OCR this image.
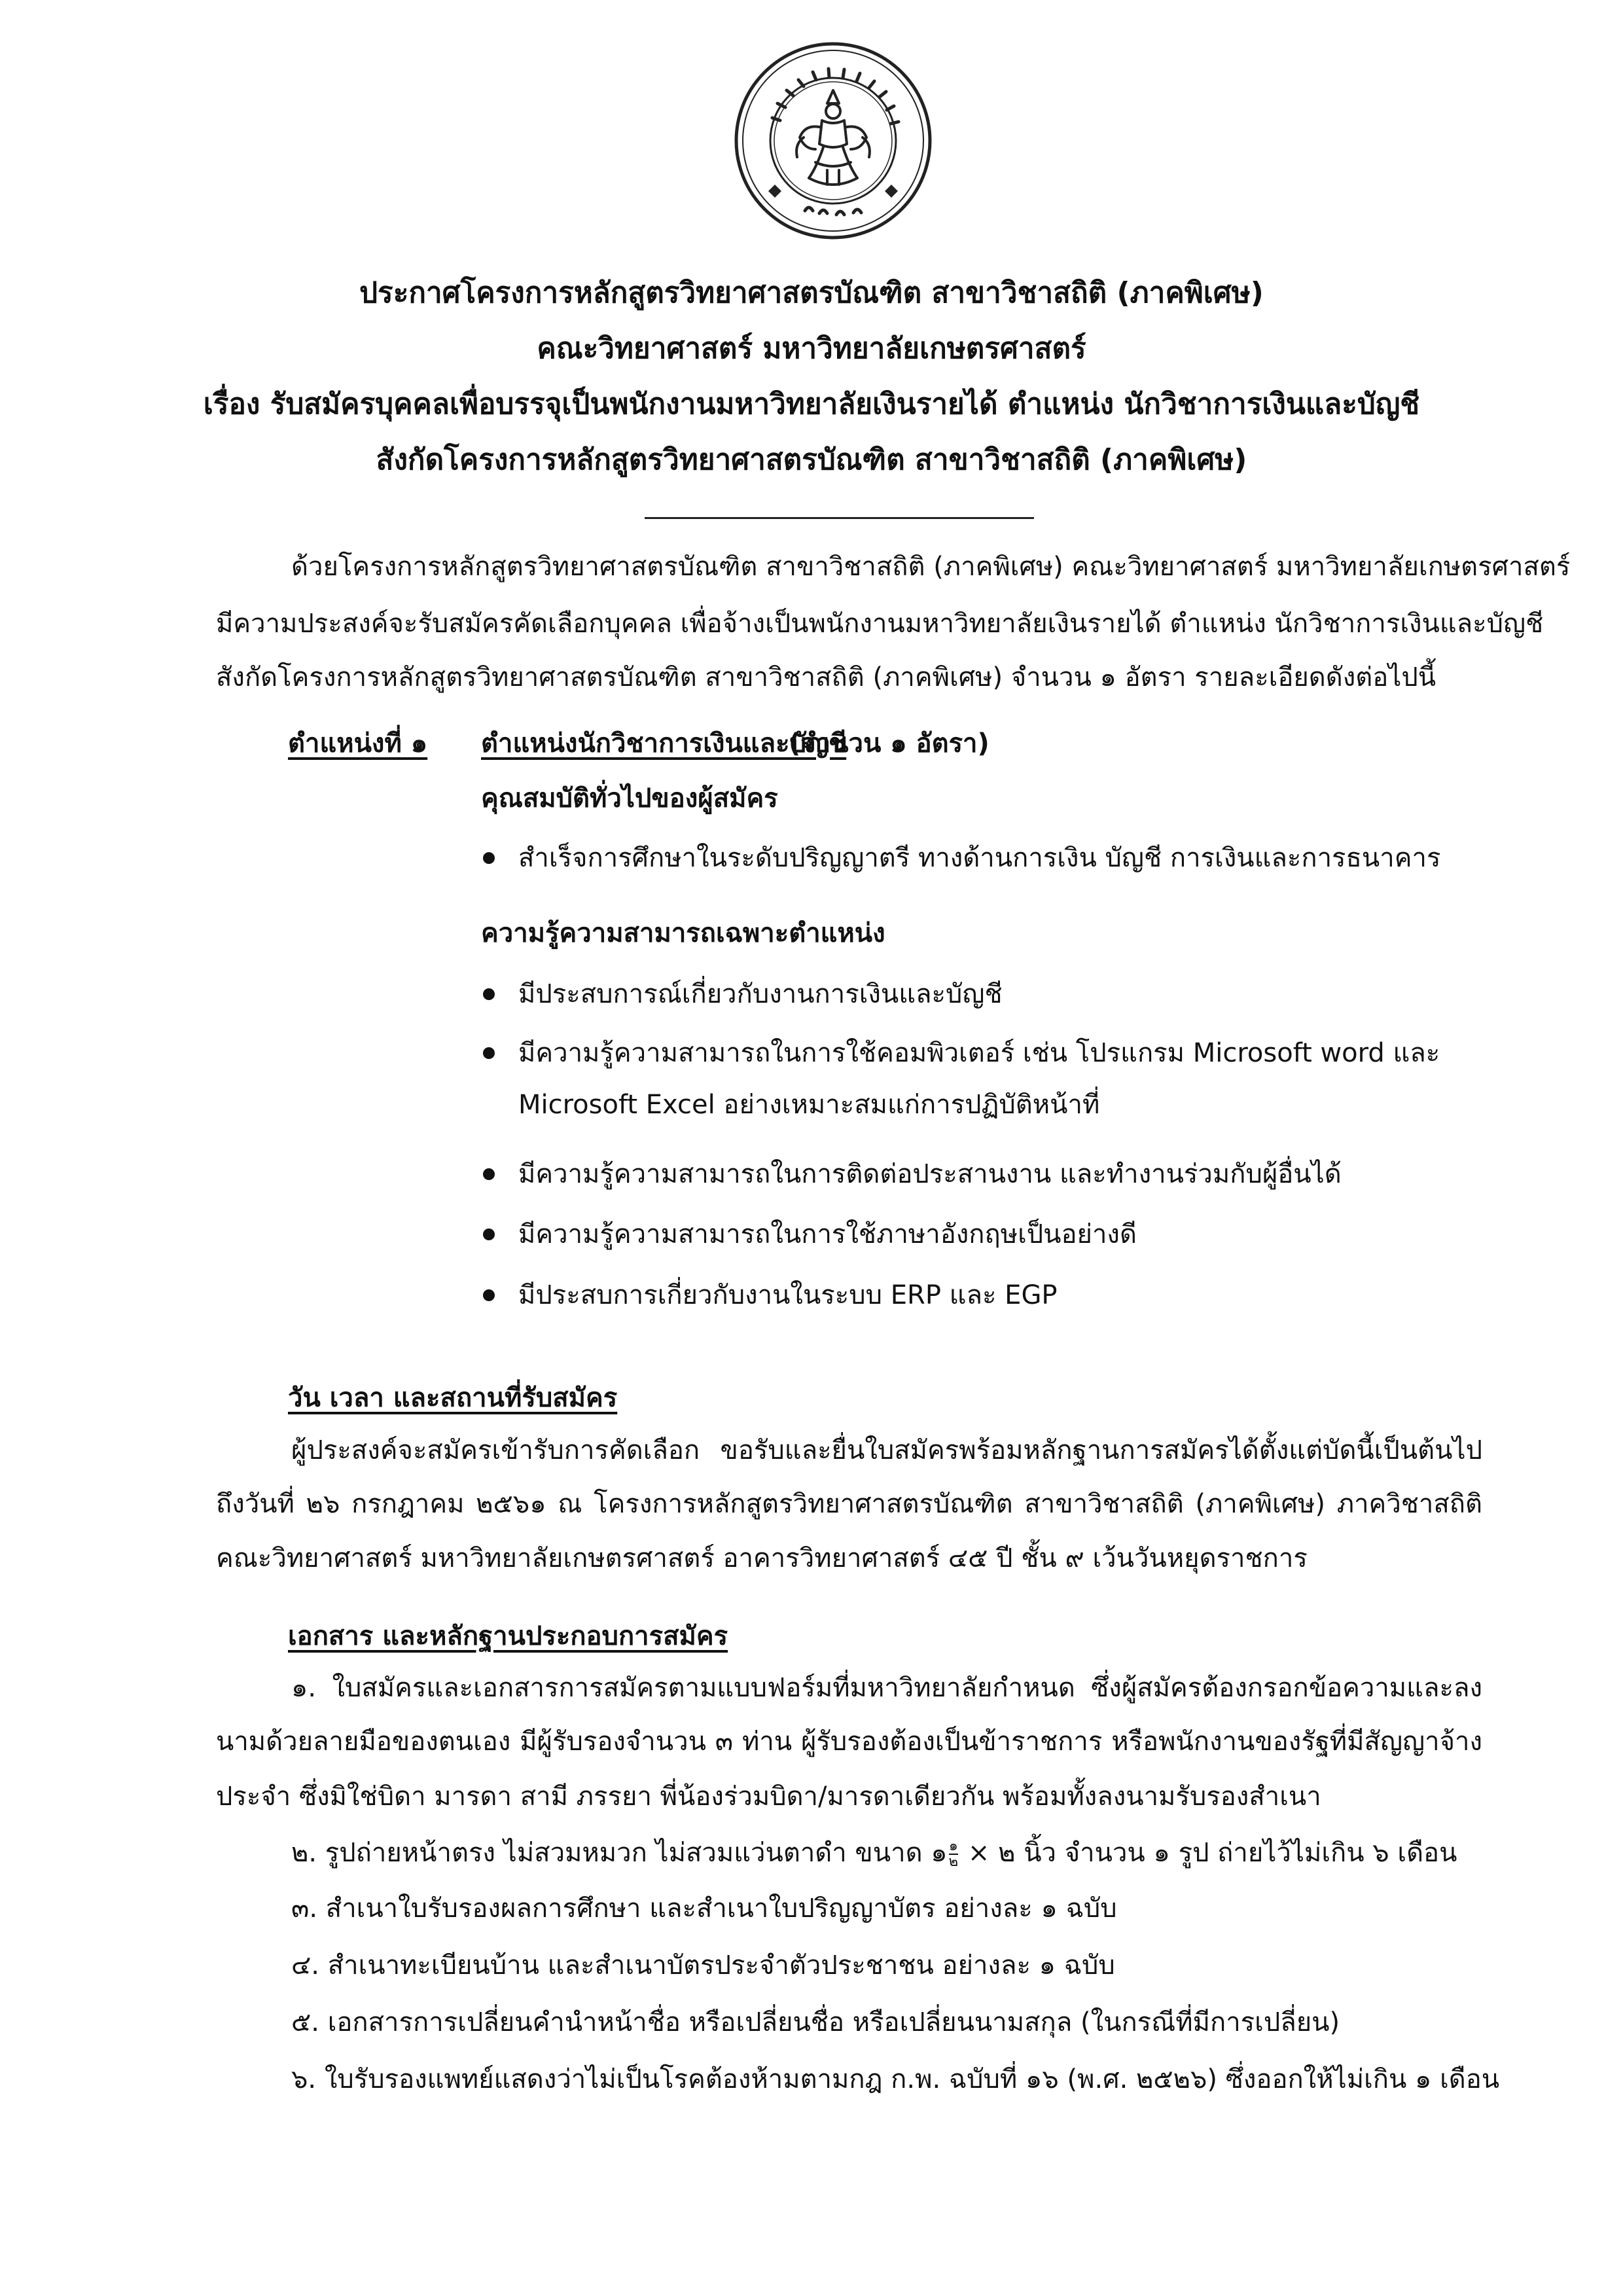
ประกาศโครงการหลักสูตรวิทยาศาสตรบัณฑิต สาขาวิชาสถิติ (ภาคพิเศษ)
คณะวิทยาศาสตร์ มหาวิทยาลัยเกษตรศาสตร์
เรื่อง รับสมัครบุคคลเพื่อบรรจุเป็นพนักงานมหาวิทยาลัยเงินรายได้ ตำแหน่ง นักวิชาการเงินและบัญชี
สังกัดโครงการหลักสูตรวิทยาศาสตรบัณฑิต สาขาวิชาสถิติ (ภาคพิเศษ)
ด้วยโครงการหลักสูตรวิทยาศาสตรบัณฑิต สาขาวิชาสถิติ (ภาคพิเศษ) คณะวิทยาศาสตร์ มหาวิทยาลัยเกษตรศาสตร์
มีความประสงค์จะรับสมัครคัดเลือกบุคคล เพื่อจ้างเป็นพนักงานมหาวิทยาลัยเงินรายได้ ตำแหน่ง นักวิชาการเงินและบัญชี
สังกัดโครงการหลักสูตรวิทยาศาสตรบัณฑิต สาขาวิชาสถิติ (ภาคพิเศษ) จำนวน ๑ อัตรา รายละเอียดดังต่อไปนี้
ตำแหน่งที่ ๑ ตำแหน่งนักวิชาการเงินและบัญชี
(จำนวน ๑ อัตรา)
คุณสมบัติทั่วไปของผู้สมัคร
สำเร็จการศึกษาในระดับปริญญาตรี ทางด้านการเงิน บัญชี การเงินและการธนาคาร
ความรู้ความสามารถเฉพาะตำแหน่ง
มีประสบการณ์เกี่ยวกับงานการเงินและบัญชี
มีความรู้ความสามารถในการใช้คอมพิวเตอร์ เช่น โปรแกรม Microsoft word และ
Microsoft Excel อย่างเหมาะสมแก่การปฏิบัติหน้าที่
มีความรู้ความสามารถในการติดต่อประสานงาน และทำงานร่วมกับผู้อื่นได้
มีความรู้ความสามารถในการใช้ภาษาอังกฤษเป็นอย่างดี
มีประสบการเกี่ยวกับงานในระบบ ERP และ EGP
วัน เวลา และสถานที่รับสมัคร
ผู้ประสงค์จะสมัครเข้ารับการคัดเลือก ขอรับและยื่นใบสมัครพร้อมหลักฐานการสมัครได้ตั้งแต่บัดนี้เป็นต้นไป
ถึงวันที่ ๒๖ กรกฎาคม ๒๕๖๑ ณ โครงการหลักสูตรวิทยาศาสตรบัณฑิต สาขาวิชาสถิติ (ภาคพิเศษ) ภาควิชาสถิติ
คณะวิทยาศาสตร์ มหาวิทยาลัยเกษตรศาสตร์ อาคารวิทยาศาสตร์ ๔๕ ปี ชั้น ๙ เว้นวันหยุดราชการ
เอกสาร และหลักฐานประกอบการสมัคร
๑. ใบสมัครและเอกสารการสมัครตามแบบฟอร์มที่มหาวิทยาลัยกำหนด ซึ่งผู้สมัครต้องกรอกข้อความและลง
นามด้วยลายมือของตนเอง มีผู้รับรองจำนวน ๓ ท่าน ผู้รับรองต้องเป็นข้าราชการ หรือพนักงานของรัฐที่มีสัญญาจ้าง
ประจำ ซึ่งมิใช่บิดา มารดา สามี ภรรยา พี่น้องร่วมบิดา/มารดาเดียวกัน พร้อมทั้งลงนามรับรองสำเนา
๒. รูปถ่ายหน้าตรง ไม่สวมหมวก ไม่สวมแว่นตาดำ ขนาด ๑ ๑
๒ × ๒ นิ้ว จำนวน ๑ รูป ถ่ายไว้ไม่เกิน ๖ เดือน
๓. สำเนาใบรับรองผลการศึกษา และสำเนาใบปริญญาบัตร อย่างละ ๑ ฉบับ
๔. สำเนาทะเบียนบ้าน และสำเนาบัตรประจำตัวประชาชน อย่างละ ๑ ฉบับ
๕. เอกสารการเปลี่ยนคำนำหน้าชื่อ หรือเปลี่ยนชื่อ หรือเปลี่ยนนามสกุล (ในกรณีที่มีการเปลี่ยน)
๖. ใบรับรองแพทย์แสดงว่าไม่เป็นโรคต้องห้ามตามกฎ ก.พ. ฉบับที่ ๑๖ (พ.ศ. ๒๕๒๖) ซึ่งออกให้ไม่เกิน ๑ เดือน
